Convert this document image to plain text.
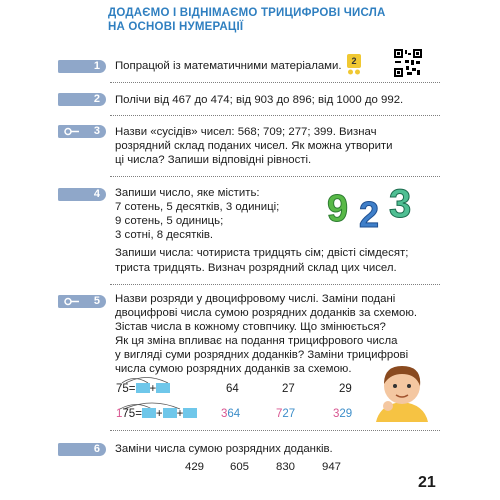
ДОДАЄМО І ВІДНІМАЄМО ТРИЦИФРОВІ ЧИСЛА
НА ОСНОВІ НУМЕРАЦІЇ
1	Попрацюй із математичними матеріалами.	2
2	Полічи від 467 до 474; від 903 до 896; від 1000 до 992.
3	Назви «сусідів» чисел: 568; 709; 277; 399. Визнач
розрядний склад поданих чисел. Як можна утворити
ці числа? Запиши відповідні рівності.
4	Запиши число, яке містить:
7 сотень, 5 десятків, 3 одиниці;
9 сотень, 5 одиниць;
3 сотні, 8 десятків.
Запиши числа: чотириста тридцять сім; двісті сімдесят;
триста тридцять. Визнач розрядний склад цих чисел.
9 2 3
5	Назви розряди у двоцифровому числі. Заміни подані
двоцифрові числа сумою розрядних доданків за схемою.
Зістав числа в кожному стовпчику. Що змінюється?
Як ця зміна впливає на подання трицифрового числа
у вигляді суми розрядних доданків? Заміни трицифрові
числа сумою розрядних доданків за схемою.
75= +	64	27	29
175= + +	364	727	329
6	Заміни числа сумою розрядних доданків.
429 605 830 947
21
